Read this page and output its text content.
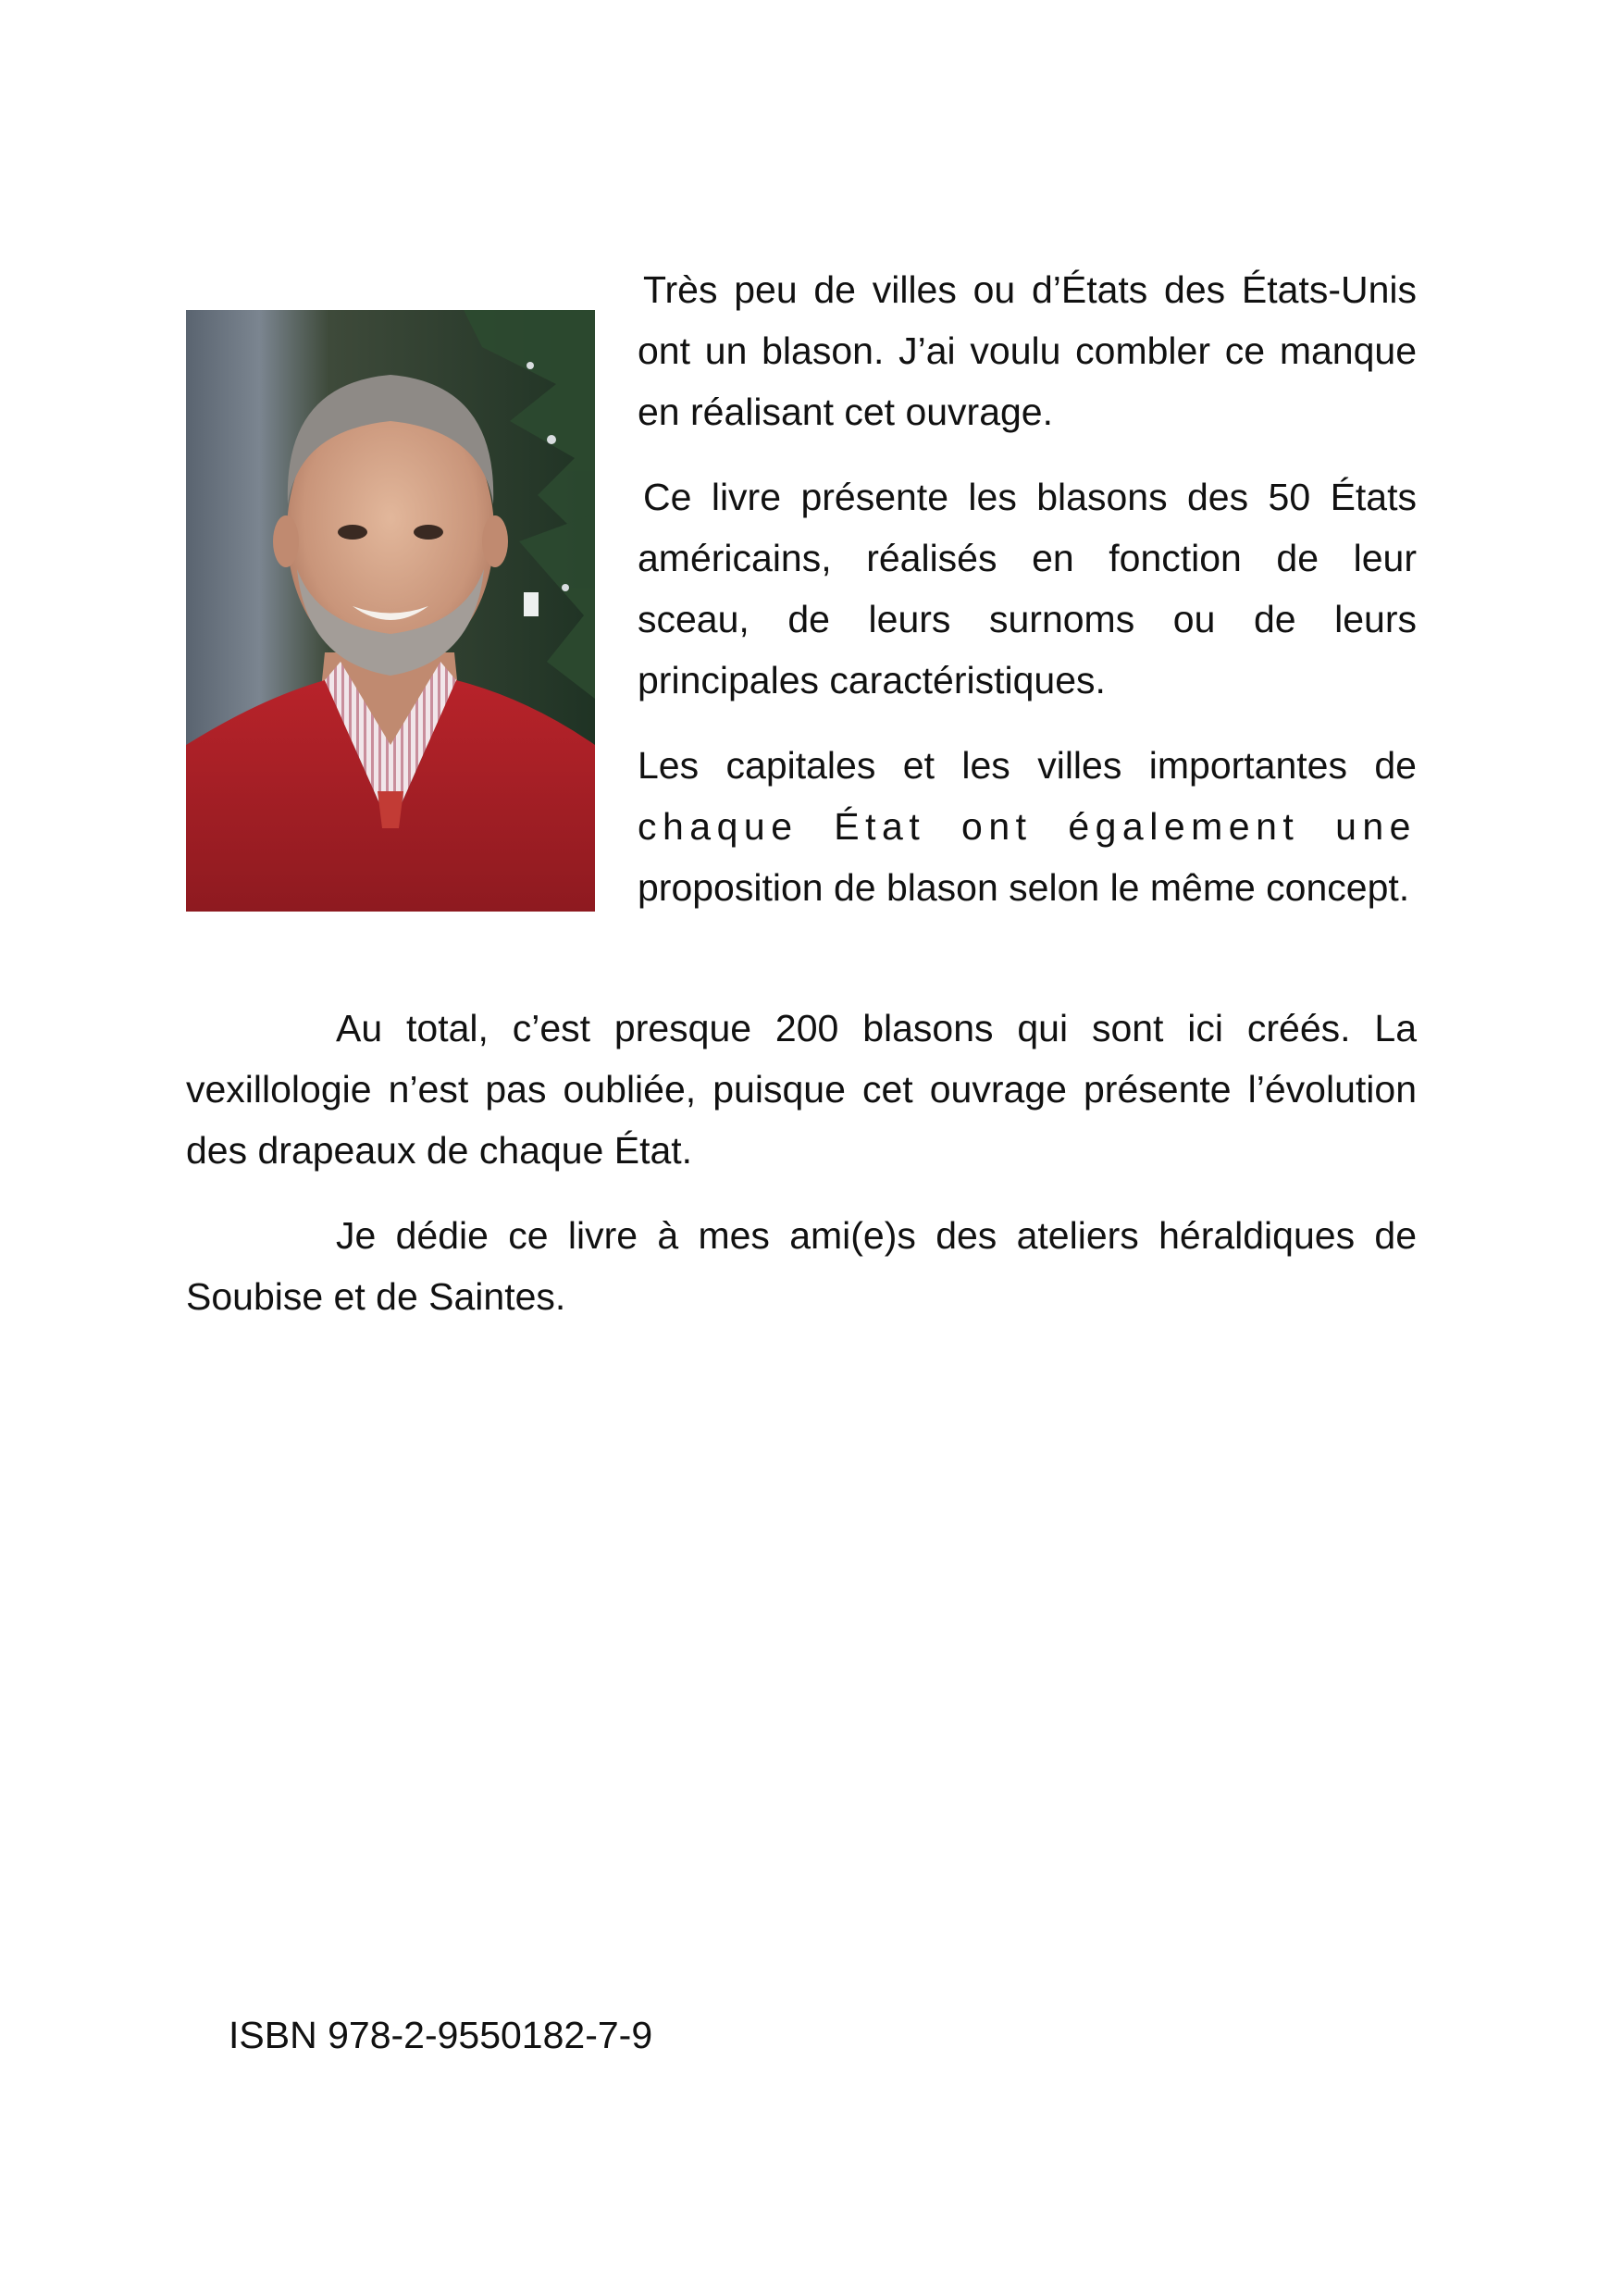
Très peu de villes ou d’États des États-Unis ont un blason. J’ai voulu combler ce manque en réalisant cet ouvrage.

Ce livre présente les blasons des 50 États américains, réalisés en fonction de leur sceau, de leurs surnoms ou de leurs principales caractéristiques.

Les capitales et les villes importantes de chaque État ont également une proposition de blason selon le même concept.

Au total, c’est presque 200 blasons qui sont ici créés. La vexillologie n’est pas oubliée, puisque cet ouvrage présente l’évolution des drapeaux de chaque État.

Je dédie ce livre à mes ami(e)s des ateliers héraldiques de Soubise et de Saintes.

ISBN 978-2-9550182-7-9
